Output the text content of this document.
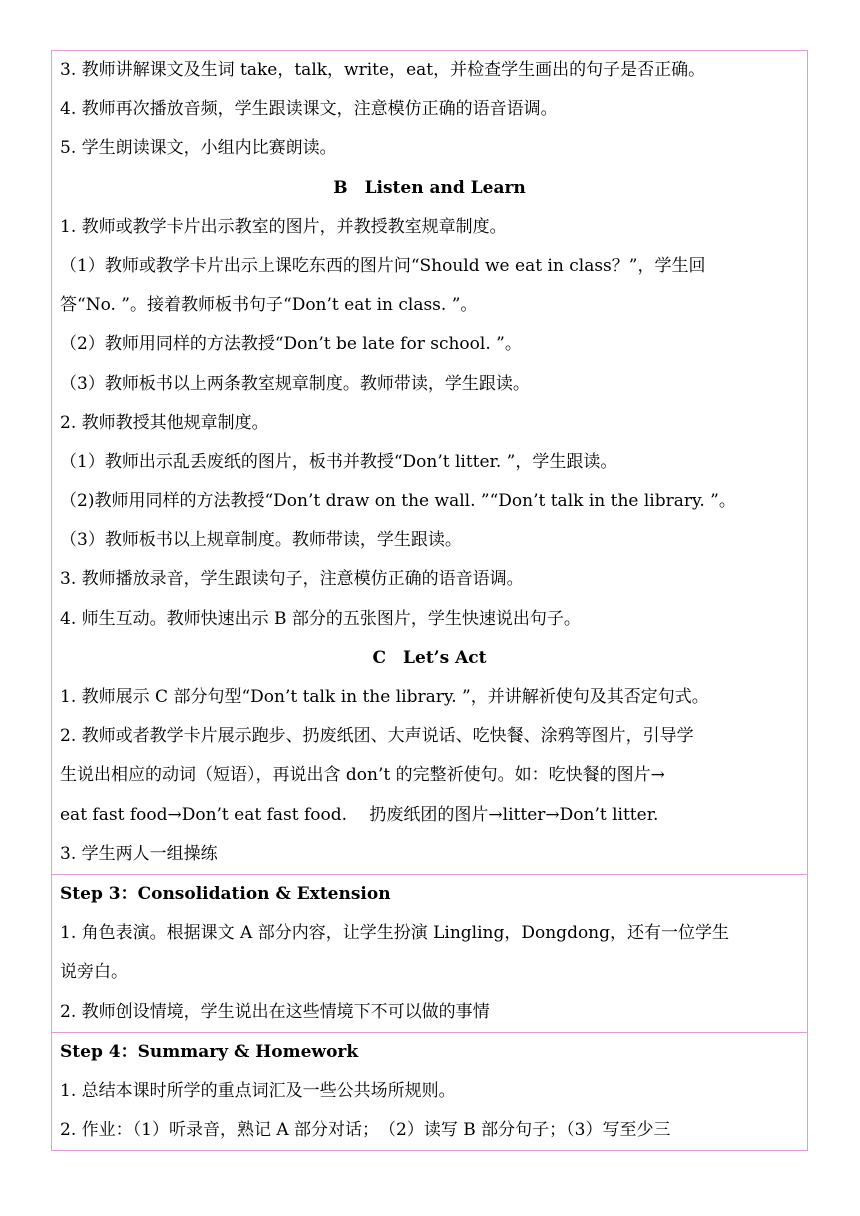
3. 教师讲解课文及生词 take，talk，write，eat，并检查学生画出的句子是否正确。
4. 教师再次播放音频，学生跟读课文，注意模仿正确的语音语调。
5. 学生朗读课文，小组内比赛朗读。
B　Listen and Learn
1. 教师或教学卡片出示教室的图片，并教授教室规章制度。
（1）教师或教学卡片出示上课吃东西的图片问“Should we eat in class？”，学生回
答“No. ”。接着教师板书句子“Don’t eat in class. ”。
（2）教师用同样的方法教授“Don’t be late for school. ”。
（3）教师板书以上两条教室规章制度。教师带读，学生跟读。
2. 教师教授其他规章制度。
（1）教师出示乱丢废纸的图片，板书并教授“Don’t litter. ”，学生跟读。
（2)教师用同样的方法教授“Don’t draw on the wall. ”“Don’t talk in the library. ”。
（3）教师板书以上规章制度。教师带读，学生跟读。
3. 教师播放录音，学生跟读句子，注意模仿正确的语音语调。
4. 师生互动。教师快速出示 B 部分的五张图片，学生快速说出句子。
C　Let’s Act
1. 教师展示 C 部分句型“Don’t talk in the library. ”，并讲解祈使句及其否定句式。
2. 教师或者教学卡片展示跑步、扔废纸团、大声说话、吃快餐、涂鸦等图片，引导学
生说出相应的动词（短语），再说出含 don’t 的完整祈使句。如：吃快餐的图片→
eat fast food→Don’t eat fast food.　 扔废纸团的图片→litter→Don’t litter.
3. 学生两人一组操练
Step 3：Consolidation & Extension
1. 角色表演。根据课文 A 部分内容，让学生扮演 Lingling，Dongdong，还有一位学生
说旁白。
2. 教师创设情境，学生说出在这些情境下不可以做的事情
Step 4：Summary & Homework
1. 总结本课时所学的重点词汇及一些公共场所规则。
2. 作业：（1）听录音，熟记 A 部分对话；　（2）读写 B 部分句子；（3）写至少三
